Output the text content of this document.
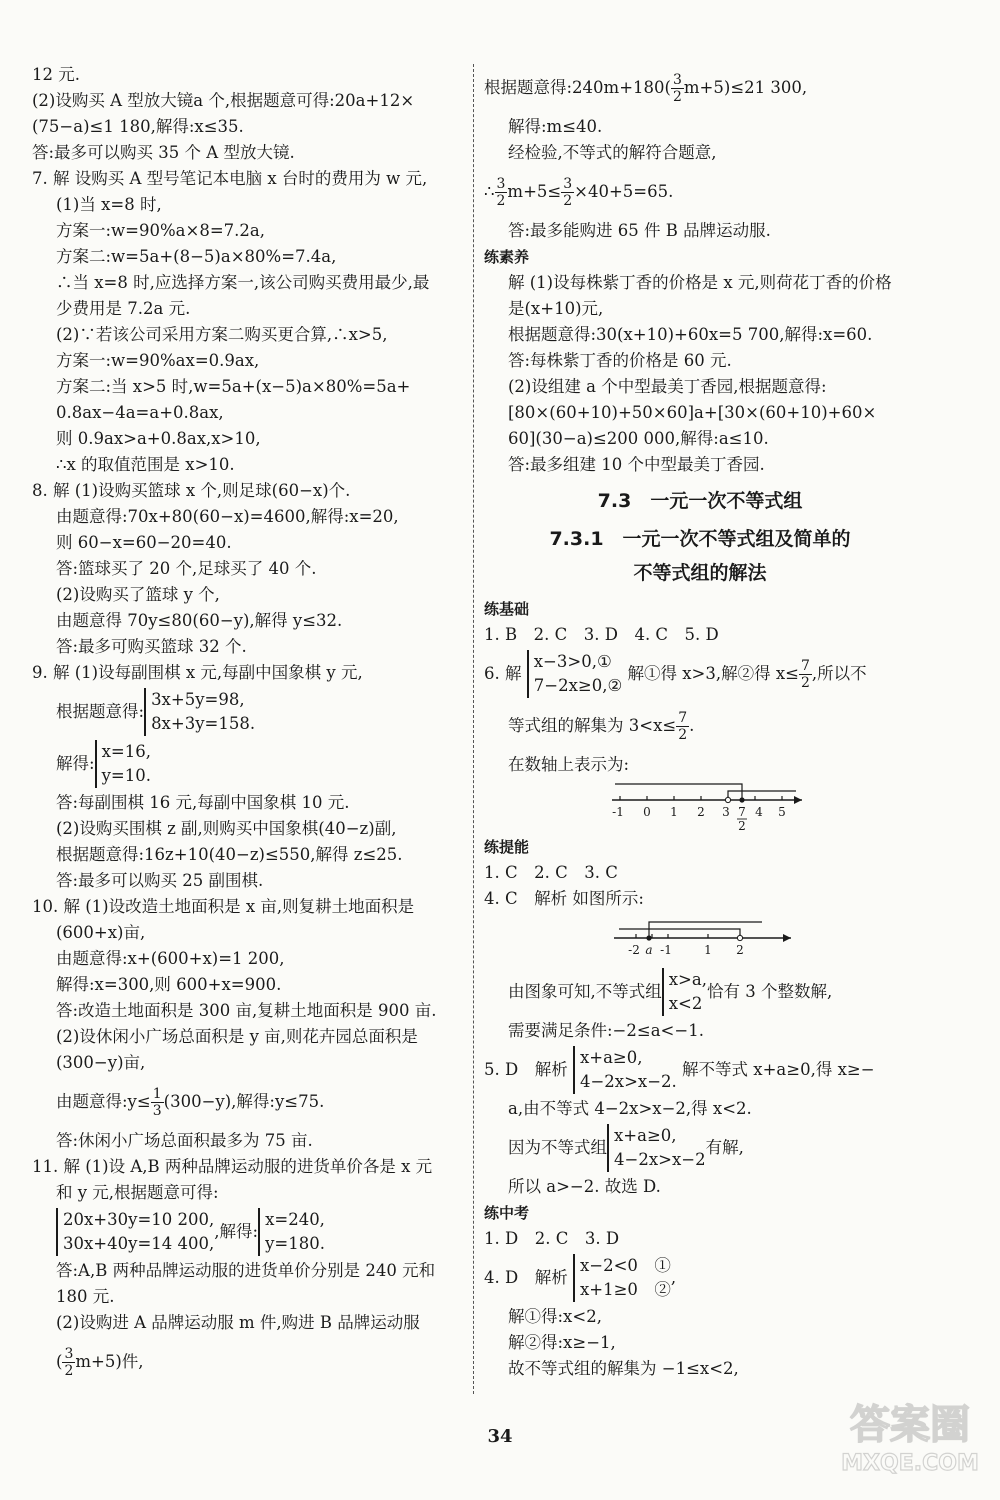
12 元.
(2)设购买 A 型放大镜a 个,根据题意可得:20a+12×
(75−a)≤1 180,解得:x≤35.
答:最多可以购买 35 个 A 型放大镜.
7. 解 设购买 A 型号笔记本电脑 x 台时的费用为 w 元,
(1)当 x=8 时,
方案一:w=90%a×8=7.2a,
方案二:w=5a+(8−5)a×80%=7.4a,
∴当 x=8 时,应选择方案一,该公司购买费用最少,最
少费用是 7.2a 元.
(2)∵若该公司采用方案二购买更合算,∴x>5,
方案一:w=90%ax=0.9ax,
方案二:当 x>5 时,w=5a+(x−5)a×80%=5a+
0.8ax−4a=a+0.8ax,
则 0.9ax>a+0.8ax,x>10,
∴x 的取值范围是 x>10.
8. 解 (1)设购买篮球 x 个,则足球(60−x)个.
由题意得:70x+80(60−x)=4600,解得:x=20,
则 60−x=60−20=40.
答:篮球买了 20 个,足球买了 40 个.
(2)设购买了篮球 y 个,
由题意得 70y≤80(60−y),解得 y≤32.
答:最多可购买篮球 32 个.
9. 解 (1)设每副围棋 x 元,每副中国象棋 y 元,
根据题意得:
3x+5y=98,
8x+3y=158.
解得:
x=16,
y=10.
答:每副围棋 16 元,每副中国象棋 10 元.
(2)设购买围棋 z 副,则购买中国象棋(40−z)副,
根据题意得:16z+10(40−z)≤550,解得 z≤25.
答:最多可以购买 25 副围棋.
10. 解 (1)设改造土地面积是 x 亩,则复耕土地面积是
(600+x)亩,
由题意得:x+(600+x)=1 200,
解得:x=300,则 600+x=900.
答:改造土地面积是 300 亩,复耕土地面积是 900 亩.
(2)设休闲小广场总面积是 y 亩,则花卉园总面积是
(300−y)亩,
由题意得:y≤ $\frac{1}{3} (300-y)$,解得:y≤75.
答:休闲小广场总面积最多为 75 亩.
11. 解 (1)设 A,B 两种品牌运动服的进货单价各是 x 元
和 y 元,根据题意可得:
20x+30y=10 200,
30x+40y=14 400,
,解得:
x=240,
y=180.
答:A,B 两种品牌运动服的进货单价分别是 240 元和
180 元.
(2)设购进 A 品牌运动服 m 件,购进 B 品牌运动服
( $\frac{3}{2} m+5$ ) 件,
根据题意得:240m+180 ( $\frac{3}{2} m+5$ ) ≤21 300,
解得:m≤40.
经检验,不等式的解符合题意,
∴ $\frac{3}{2} m+5\le \frac{3}{2} \times 40+5=65$.
答:最多能购进 65 件 B 品牌运动服.
练素养
解 (1)设每株紫丁香的价格是 x 元,则荷花丁香的价格
是(x+10)元,
根据题意得:30(x+10)+60x=5 700,解得:x=60.
答:每株紫丁香的价格是 60 元.
(2)设组建 a 个中型最美丁香园,根据题意得:
[80×(60+10)+50×60]a+[30×(60+10)+60×
60](30−a)≤200 000,解得:a≤10.
答:最多组建 10 个中型最美丁香园.
7.3　一元一次不等式组
7.3.1　一元一次不等式组及简单的
不等式组的解法
练基础
1. B　2. C　3. D　4. C　5. D
6. 解

x−3>0,①
7−2x≥0,②

解①得 x>3,解②得 $x\le \frac{7}{2}$ ,所以不
等式组的解集为 $3<x\le \frac{7}{2}$ .
在数轴上表示为:
-1 0 1 2 3 4 5
7
2
练提能
1. C　2. C　3. C
4. C　解析 如图所示:
-2 a -1	1 2
由图象可知,不等式组
x>a,
x<2
恰有 3 个整数解,
需要满足条件:−2≤a<−1.
5. D　解析

x+a≥0,
4−2x>x−2.

解不等式 x+a≥0,得 x≥−
a,由不等式 4−2x>x−2,得 x<2.
因为不等式组
x+a≥0,
4−2x>x−2
有解,
所以 a>−2. 故选 D.
练中考
1. D　2. C　3. D
4. D　解析

x−2<0　①
x+1≥0　②
,
解①得:x<2,
解②得:x≥−1,
故不等式组的解集为 −1≤x<2,
34	答案圈
MXQE.COM
